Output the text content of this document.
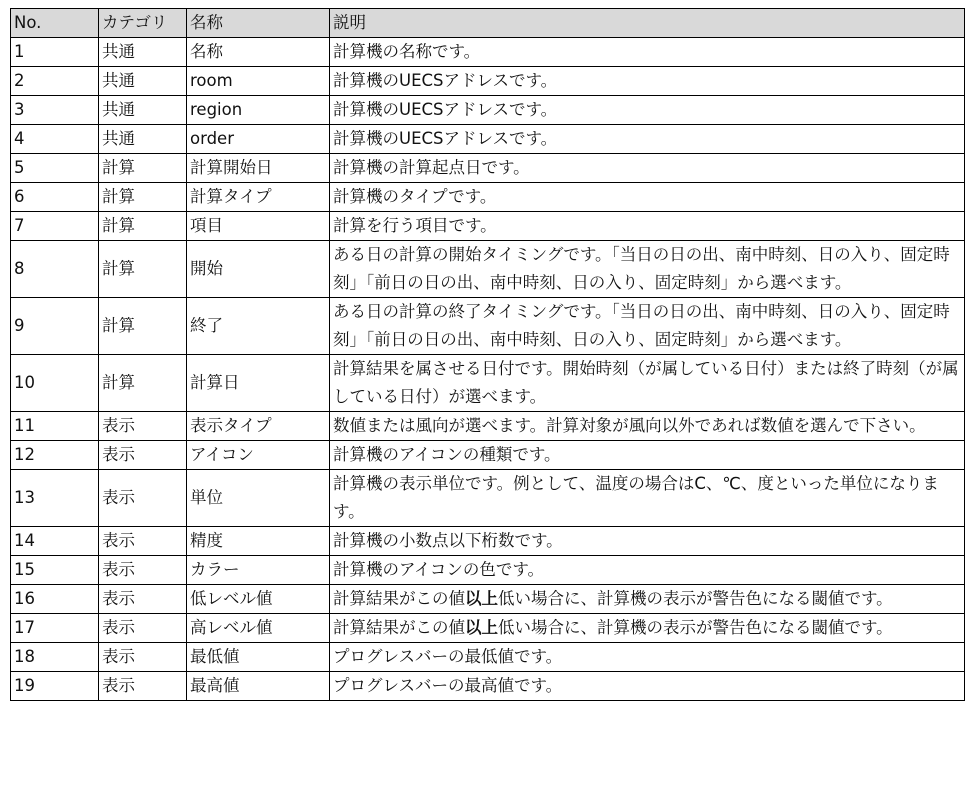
No.	カテゴリ	名称	説明
1	共通	名称	計算機の名称です。
2	共通	room	計算機のUECSアドレスです。
3	共通	region	計算機のUECSアドレスです。
4	共通	order	計算機のUECSアドレスです。
5	計算	計算開始日	計算機の計算起点日です。
6	計算	計算タイプ	計算機のタイプです。
7	計算	項目	計算を行う項目です。
8	計算	開始	ある日の計算の開始タイミングです。「当日の日の出、南中時刻、日の入り、固定時刻」「前日の日の出、南中時刻、日の入り、固定時刻」から選べます。
9	計算	終了	ある日の計算の終了タイミングです。「当日の日の出、南中時刻、日の入り、固定時刻」「前日の日の出、南中時刻、日の入り、固定時刻」から選べます。
10	計算	計算日	計算結果を属させる日付です。開始時刻（が属している日付）または終了時刻（が属している日付）が選べます。
11	表示	表示タイプ	数値または風向が選べます。計算対象が風向以外であれば数値を選んで下さい。
12	表示	アイコン	計算機のアイコンの種類です。
13	表示	単位	計算機の表示単位です。例として、温度の場合はC、℃、度といった単位になります。
14	表示	精度	計算機の小数点以下桁数です。
15	表示	カラー	計算機のアイコンの色です。
16	表示	低レベル値	計算結果がこの値以上低い場合に、計算機の表示が警告色になる閾値です。
17	表示	高レベル値	計算結果がこの値以上低い場合に、計算機の表示が警告色になる閾値です。
18	表示	最低値	プログレスバーの最低値です。
19	表示	最高値	プログレスバーの最高値です。
